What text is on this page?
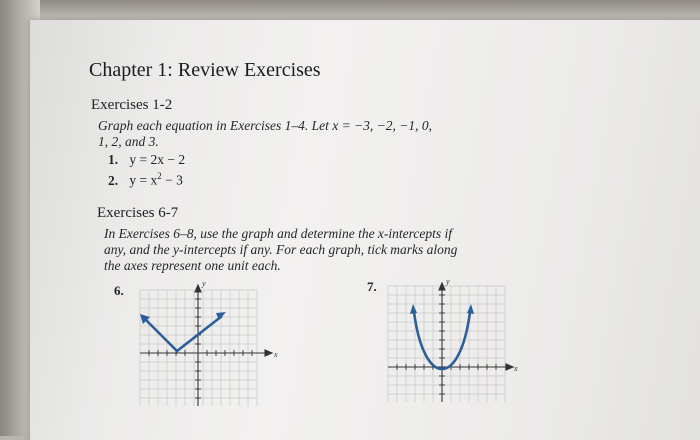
Chapter 1: Review Exercises
Exercises 1-2
Graph each equation in Exercises 1–4. Let x = −3, −2, −1, 0,
1, 2, and 3.
1. y = 2x − 2
2. $y = x^2 - 3$
Exercises 6-7
In Exercises 6–8, use the graph and determine the x-intercepts if
any, and the y-intercepts if any. For each graph, tick marks along
the axes represent one unit each.
6.
x
y	7.
x
y
